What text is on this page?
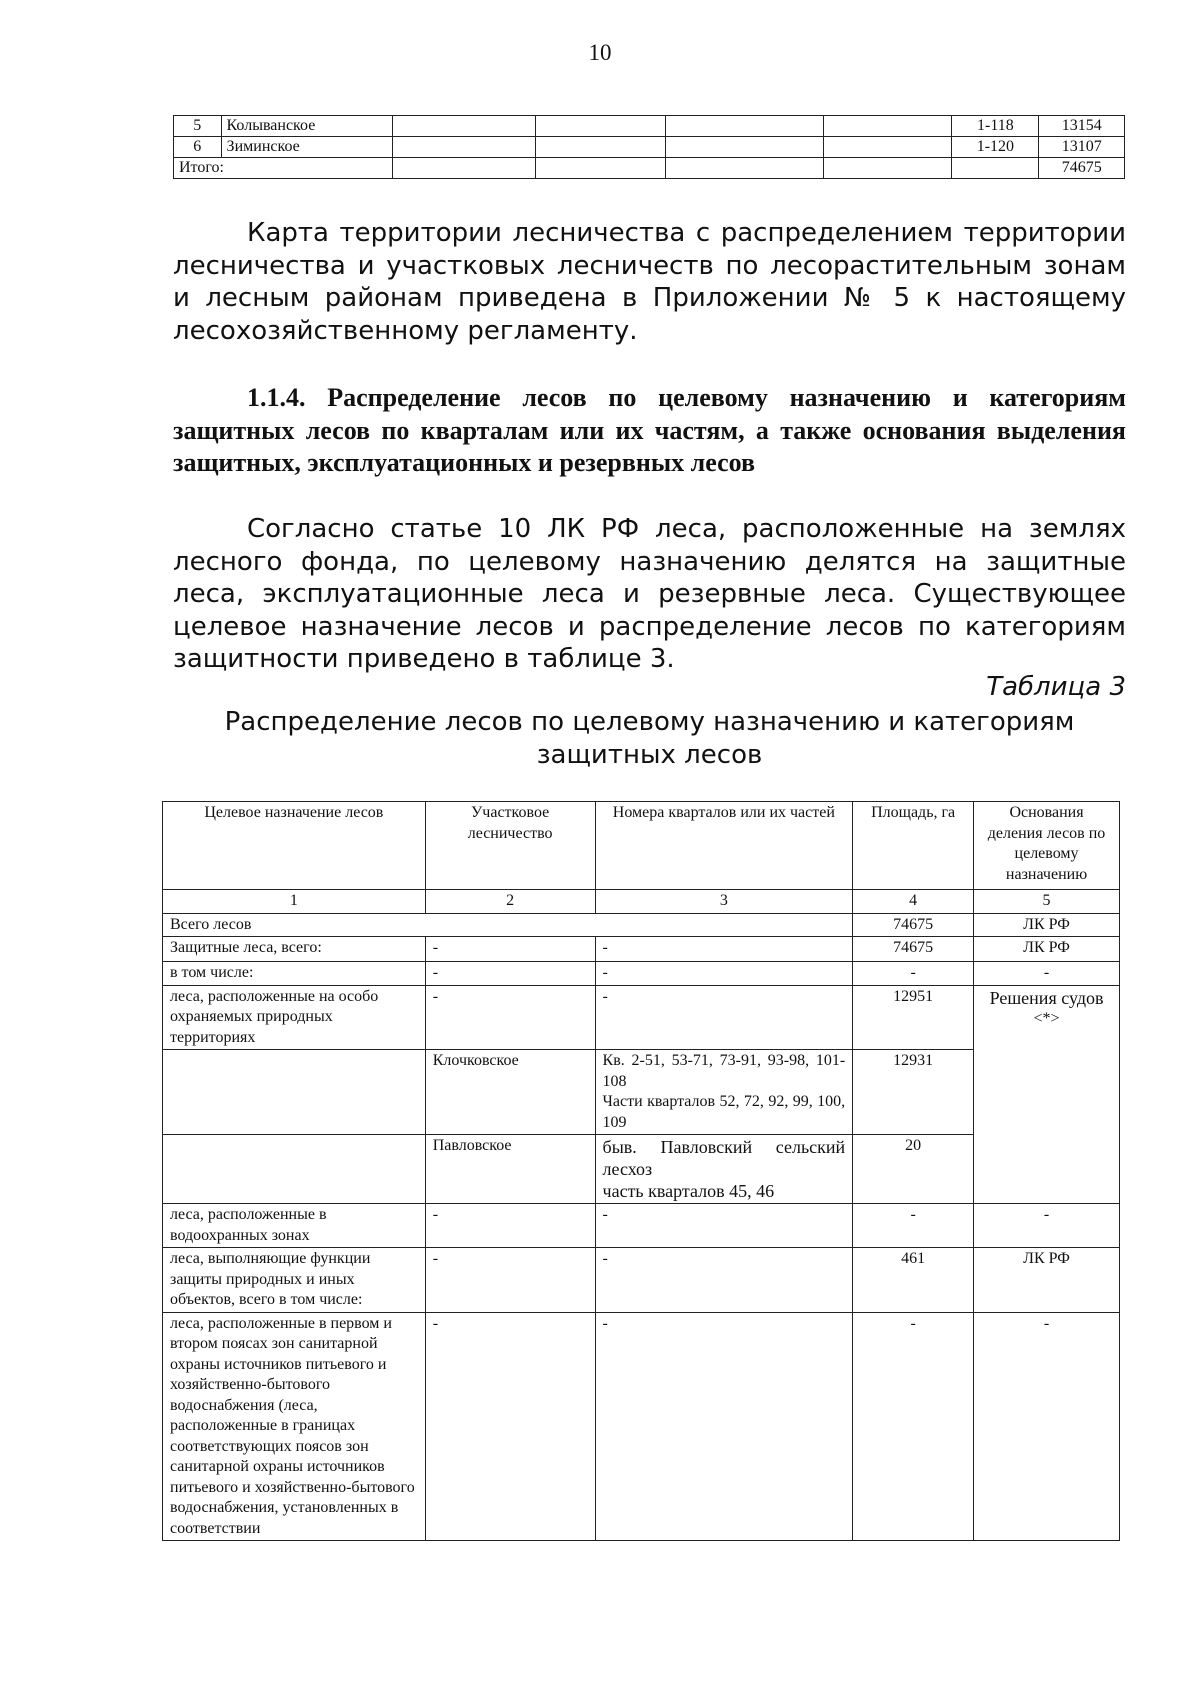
10
5	Колыванское					1-118	13154
6	Зиминское					1-120	13107
Итого:							74675
Карта территории лесничества с распределением территории лесничества и участковых лесничеств по лесорастительным зонам и лесным районам приведена в Приложении № 5 к настоящему лесохозяйственному регламенту.
1.1.4. Распределение лесов по целевому назначению и категориям защитных лесов по кварталам или их частям, а также основания выделения защитных, эксплуатационных и резервных лесов
Согласно статье 10 ЛК РФ леса, расположенные на землях лесного фонда, по целевому назначению делятся на защитные леса, эксплуатационные леса и резервные леса. Существующее целевое назначение лесов и распределение лесов по категориям защитности приведено в таблице 3.
Таблица 3
Распределение лесов по целевому назначению и категориям
защитных лесов
Целевое назначение лесов	Участковое лесничество	Номера кварталов или их частей	Площадь, га	Основания деления лесов по целевому назначению
1	2	3	4	5
Всего лесов			74675	ЛК РФ
Защитные леса, всего:	-	-	74675	ЛК РФ
в том числе:	-	-	-	-
леса, расположенные на особо охраняемых природных территориях	-	-	12951	Решения судов
<*>

	Клочковское	Кв. 2-51, 53-71, 73-91, 93-98, 101-108
Части кварталов 52, 72, 92, 99, 100, 109	12931	
	Павловское	быв. Павловский сельский лесхоз
часть кварталов 45, 46	20	
леса, расположенные в водоохранных зонах	-	-	-	-
леса, выполняющие функции защиты природных и иных объектов, всего в том числе:	-	-	461	ЛК РФ
леса, расположенные в первом и втором поясах зон санитарной охраны источников питьевого и хозяйственно-бытового водоснабжения (леса, расположенные в границах соответствующих поясов зон санитарной охраны источников питьевого и хозяйственно-бытового водоснабжения, установленных в соответствии	-	-	-	-
